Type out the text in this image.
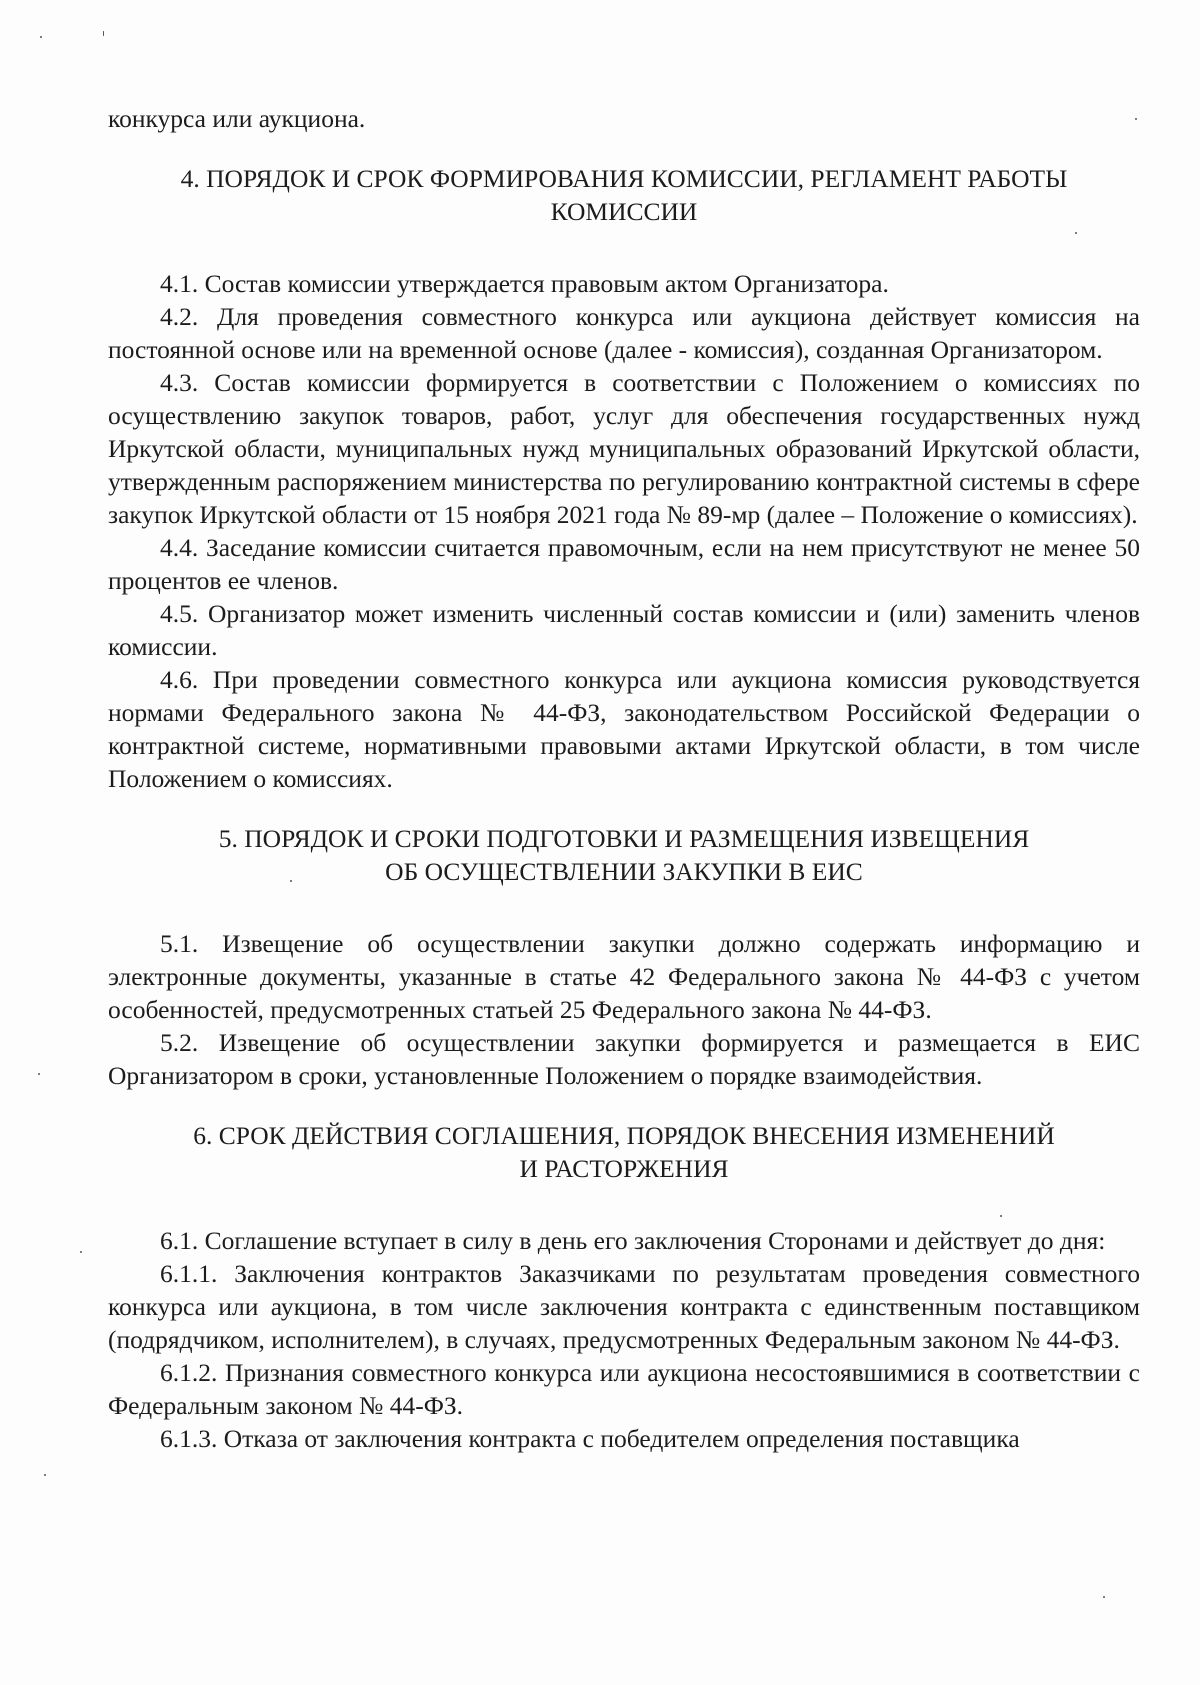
конкурса или аукциона.

4. ПОРЯДОК И СРОК ФОРМИРОВАНИЯ КОМИССИИ, РЕГЛАМЕНТ РАБОТЫ
КОМИССИИ

4.1. Состав комиссии утверждается правовым актом Организатора.

4.2. Для проведения совместного конкурса или аукциона действует комиссия на постоянной основе или на временной основе (далее - комиссия), созданная Организатором.

4.3. Состав комиссии формируется в соответствии с Положением о комиссиях по осуществлению закупок товаров, работ, услуг для обеспечения государственных нужд Иркутской области, муниципальных нужд муниципальных образований Иркутской области, утвержденным распоряжением министерства по регулированию контрактной системы в сфере закупок Иркутской области от 15 ноября 2021 года № 89-мр (далее – Положение о комиссиях).

4.4. Заседание комиссии считается правомочным, если на нем присутствуют не менее 50 процентов ее членов.

4.5. Организатор может изменить численный состав комиссии и (или) заменить членов комиссии.

4.6. При проведении совместного конкурса или аукциона комиссия руководствуется нормами Федерального закона № 44-ФЗ, законодательством Российской Федерации о контрактной системе, нормативными правовыми актами Иркутской области, в том числе Положением о комиссиях.

5. ПОРЯДОК И СРОКИ ПОДГОТОВКИ И РАЗМЕЩЕНИЯ ИЗВЕЩЕНИЯ
ОБ ОСУЩЕСТВЛЕНИИ ЗАКУПКИ В ЕИС

5.1. Извещение об осуществлении закупки должно содержать информацию и электронные документы, указанные в статье 42 Федерального закона № 44-ФЗ с учетом особенностей, предусмотренных статьей 25 Федерального закона № 44-ФЗ.

5.2. Извещение об осуществлении закупки формируется и размещается в ЕИС Организатором в сроки, установленные Положением о порядке взаимодействия.

6. СРОК ДЕЙСТВИЯ СОГЛАШЕНИЯ, ПОРЯДОК ВНЕСЕНИЯ ИЗМЕНЕНИЙ
И РАСТОРЖЕНИЯ

6.1. Соглашение вступает в силу в день его заключения Сторонами и действует до дня:

6.1.1. Заключения контрактов Заказчиками по результатам проведения совместного конкурса или аукциона, в том числе заключения контракта с единственным поставщиком (подрядчиком, исполнителем), в случаях, предусмотренных Федеральным законом № 44-ФЗ.

6.1.2. Признания совместного конкурса или аукциона несостоявшимися в соответствии с Федеральным законом № 44-ФЗ.

6.1.3. Отказа от заключения контракта с победителем определения поставщика
